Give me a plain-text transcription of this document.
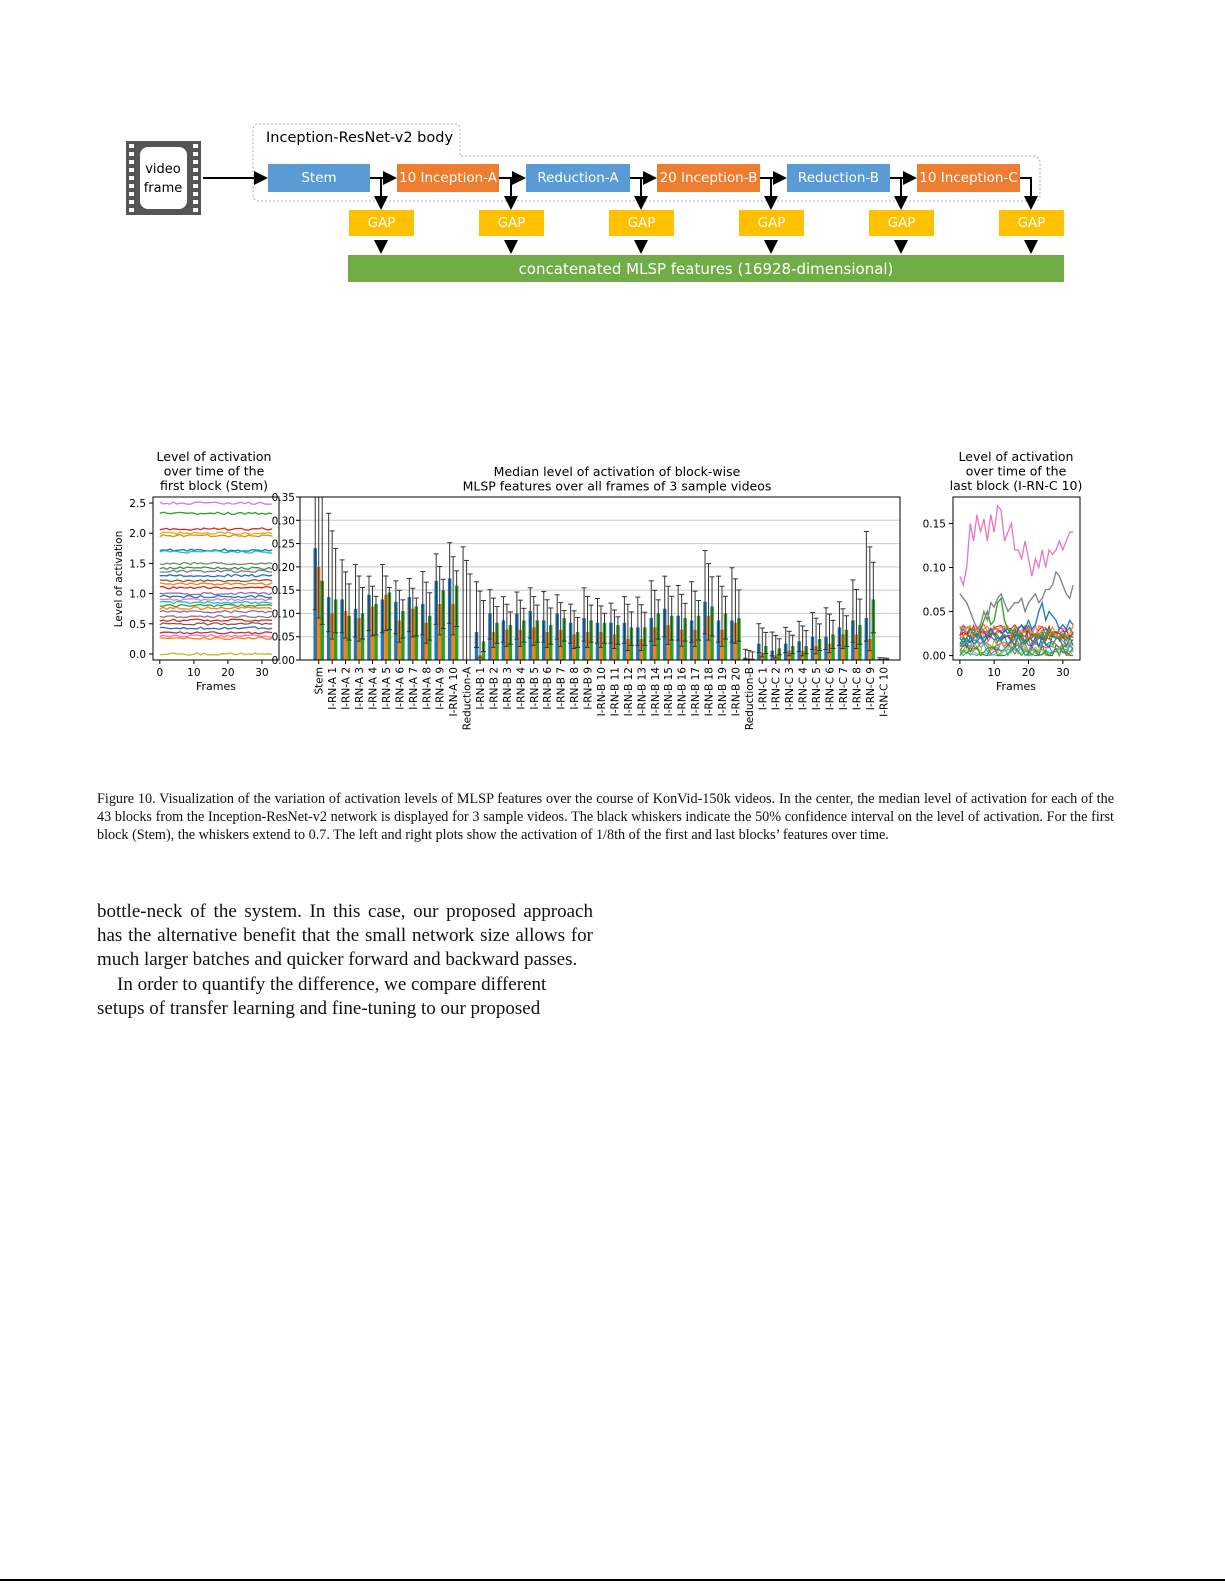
Inception-ResNet-v2 body
video
frame
Stem	10 Inception-A	Reduction-A	20 Inception-B	Reduction-B	10 Inception-C
GAP	GAP	GAP	GAP	GAP	GAP
concatenated MLSP features (16928-dimensional)
Level of activation
over time of the
first block (Stem)
0.0
0.5
1.0
1.5
2.0
2.5
0 10 20 30
Frames
Level of activation
Median level of activation of block-wise
MLSP features over all frames of 3 sample videos
0.00
0.05
0.10
0.15
0.20
0.25
0.30
0.35
Stem I-RN-A 1 I-RN-A 2 I-RN-A 3 I-RN-A 4 I-RN-A 5 I-RN-A 6 I-RN-A 7 I-RN-A 8 I-RN-A 9 I-RN-A 10 Reduction-A I-RN-B 1 I-RN-B 2 I-RN-B 3 I-RN-B 4 I-RN-B 5 I-RN-B 6 I-RN-B 7 I-RN-B 8 I-RN-B 9 I-RN-B 10 I-RN-B 11 I-RN-B 12 I-RN-B 13 I-RN-B 14 I-RN-B 15 I-RN-B 16 I-RN-B 17 I-RN-B 18 I-RN-B 19 I-RN-B 20 Reduction-B I-RN-C 1 I-RN-C 2 I-RN-C 3 I-RN-C 4 I-RN-C 5 I-RN-C 6 I-RN-C 7 I-RN-C 8 I-RN-C 9 I-RN-C 10
Level of activation
over time of the
last block (I-RN-C 10)
0.00
0.05
0.10
0.15
0 10 20 30
Frames
Figure 10. Visualization of the variation of activation levels of MLSP features over the course of KonVid-150k videos. In the center, the median level of activation for each of the 43 blocks from the Inception-ResNet-v2 network is displayed for 3 sample videos. The black whiskers indicate the 50% confidence interval on the level of activation. For the first block (Stem), the whiskers extend to 0.7. The left and right plots show the activation of 1/8th of the first and last blocks’ features over time.

bottle-neck of the system. In this case, our proposed approach has the alternative benefit that the small network size allows for much larger batches and quicker forward and backward passes.

In order to quantify the difference, we compare different setups of transfer learning and fine-tuning to our proposed
